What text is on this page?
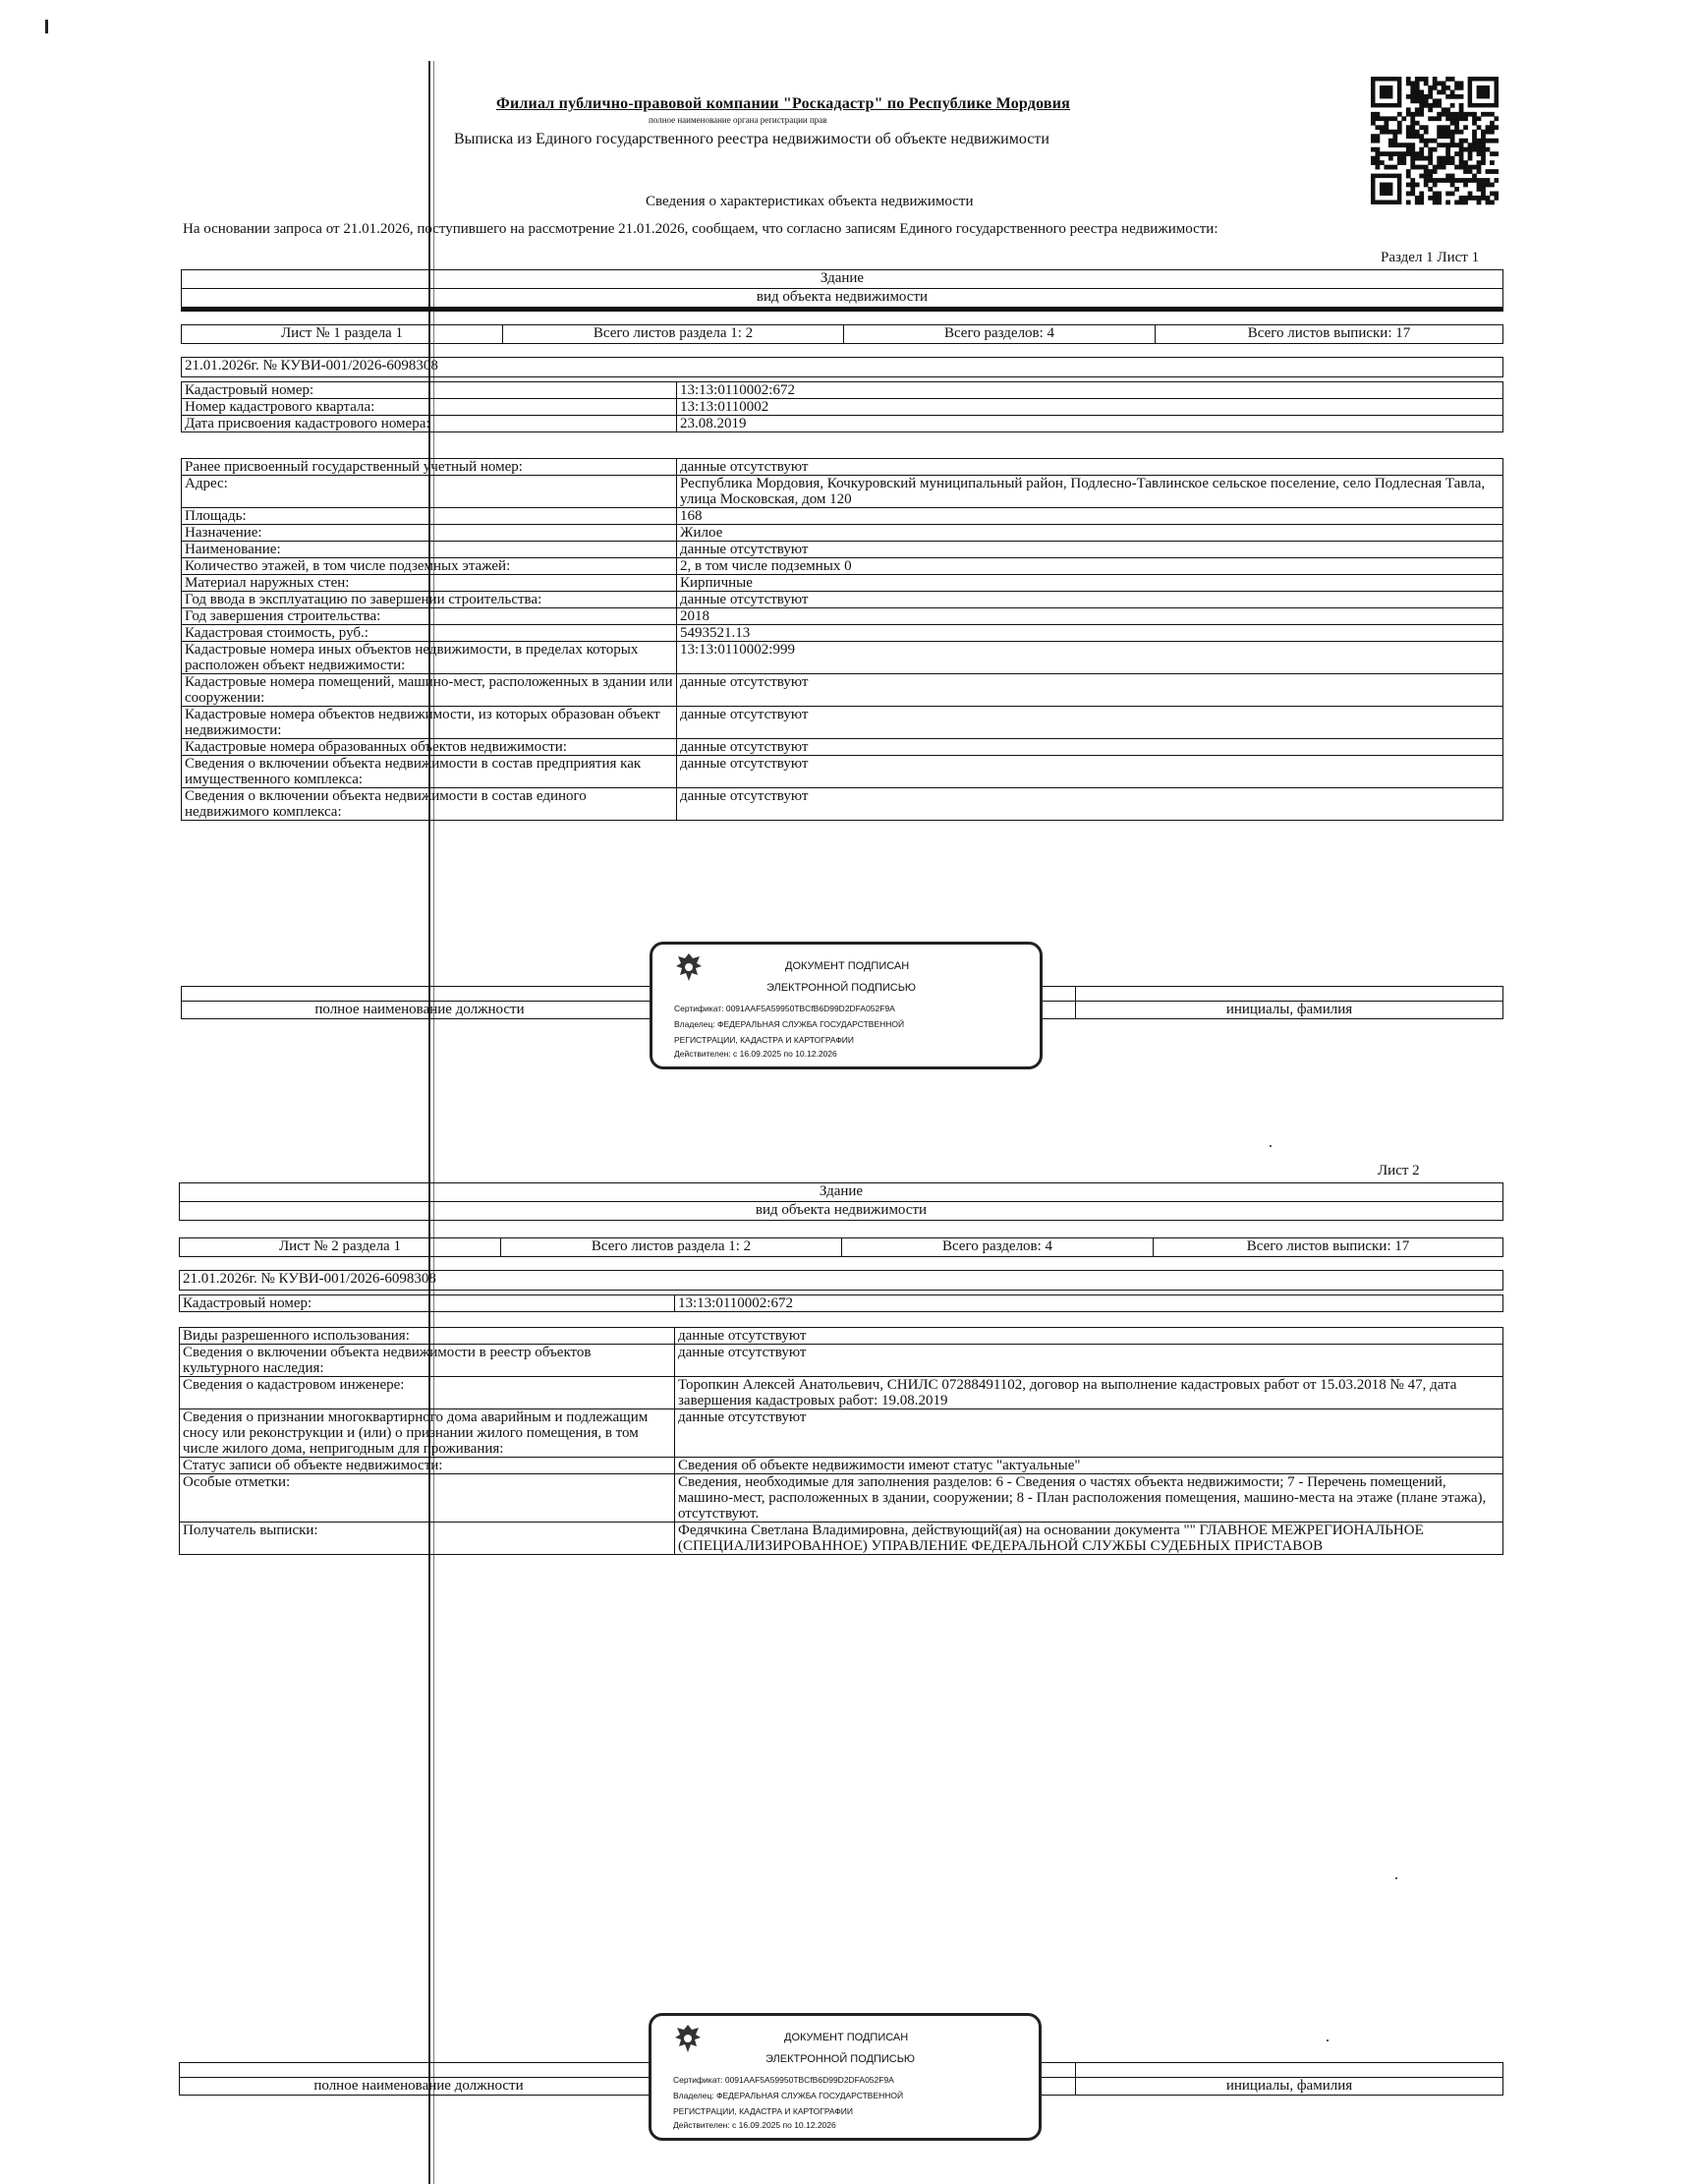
Филиал публично-правовой компании "Роскадастр" по Республике Мордовия
полное наименование органа регистрации прав
Выписка из Единого государственного реестра недвижимости об объекте недвижимости
Сведения о характеристиках объекта недвижимости
На основании запроса от 21.01.2026, поступившего на рассмотрение 21.01.2026, сообщаем, что согласно записям Единого государственного реестра недвижимости:
Раздел 1 Лист 1
Здание
вид объекта недвижимости
Лист № 1 раздела 1	Всего листов раздела 1: 2	Всего разделов: 4	Всего листов выписки: 17
21.01.2026г. № КУВИ-001/2026-6098308
Кадастровый номер:	13:13:0110002:672
Номер кадастрового квартала:	13:13:0110002
Дата присвоения кадастрового номера:	23.08.2019
Ранее присвоенный государственный учетный номер:	данные отсутствуют
Адрес:	Республика Мордовия, Кочкуровский муниципальный район, Подлесно-Тавлинское сельское поселение, село Подлесная Тавла, улица Московская, дом 120
Площадь:	168
Назначение:	Жилое
Наименование:	данные отсутствуют
Количество этажей, в том числе подземных этажей:	2, в том числе подземных 0
Материал наружных стен:	Кирпичные
Год ввода в эксплуатацию по завершении строительства:	данные отсутствуют
Год завершения строительства:	2018
Кадастровая стоимость, руб.:	5493521.13
Кадастровые номера иных объектов недвижимости, в пределах которых расположен объект недвижимости:	13:13:0110002:999
Кадастровые номера помещений, машино-мест, расположенных в здании или сооружении:	данные отсутствуют
Кадастровые номера объектов недвижимости, из которых образован объект недвижимости:	данные отсутствуют
Кадастровые номера образованных объектов недвижимости:	данные отсутствуют
Сведения о включении объекта недвижимости в состав предприятия как имущественного комплекса:	данные отсутствуют
Сведения о включении объекта недвижимости в состав единого недвижимого комплекса:	данные отсутствуют

полное наименование должности		инициалы, фамилия
ДОКУМЕНТ ПОДПИСАН
ЭЛЕКТРОННОЙ ПОДПИСЬЮ
Сертификат: 0091AAF5A59950TBCfB6D99D2DFA052F9A
Владелец: ФЕДЕРАЛЬНАЯ СЛУЖБА ГОСУДАРСТВЕННОЙ
РЕГИСТРАЦИИ, КАДАСТРА И КАРТОГРАФИИ
Действителен: с 16.09.2025 по 10.12.2026
Лист 2
Здание
вид объекта недвижимости
Лист № 2 раздела 1	Всего листов раздела 1: 2	Всего разделов: 4	Всего листов выписки: 17
21.01.2026г. № КУВИ-001/2026-6098308
Кадастровый номер:	13:13:0110002:672
Виды разрешенного использования:	данные отсутствуют
Сведения о включении объекта недвижимости в реестр объектов культурного наследия:	данные отсутствуют
Сведения о кадастровом инженере:	Торопкин Алексей Анатольевич, СНИЛС 07288491102, договор на выполнение кадастровых работ от 15.03.2018 № 47, дата завершения кадастровых работ: 19.08.2019
Сведения о признании многоквартирного дома аварийным и подлежащим сносу или реконструкции и (или) о признании жилого помещения, в том числе жилого дома, непригодным для проживания:	данные отсутствуют
Статус записи об объекте недвижимости:	Сведения об объекте недвижимости имеют статус "актуальные"
Особые отметки:	Сведения, необходимые для заполнения разделов: 6 - Сведения о частях объекта недвижимости; 7 - Перечень помещений, машино-мест, расположенных в здании, сооружении; 8 - План расположения помещения, машино-места на этаже (плане этажа), отсутствуют.
Получатель выписки:	Федячкина Светлана Владимировна, действующий(ая) на основании документа "" ГЛАВНОЕ МЕЖРЕГИОНАЛЬНОЕ (СПЕЦИАЛИЗИРОВАННОЕ) УПРАВЛЕНИЕ ФЕДЕРАЛЬНОЙ СЛУЖБЫ СУДЕБНЫХ ПРИСТАВОВ

полное наименование должности		инициалы, фамилия
ДОКУМЕНТ ПОДПИСАН
ЭЛЕКТРОННОЙ ПОДПИСЬЮ
Сертификат: 0091AAF5A59950TBCfB6D99D2DFA052F9A
Владелец: ФЕДЕРАЛЬНАЯ СЛУЖБА ГОСУДАРСТВЕННОЙ
РЕГИСТРАЦИИ, КАДАСТРА И КАРТОГРАФИИ
Действителен: с 16.09.2025 по 10.12.2026
